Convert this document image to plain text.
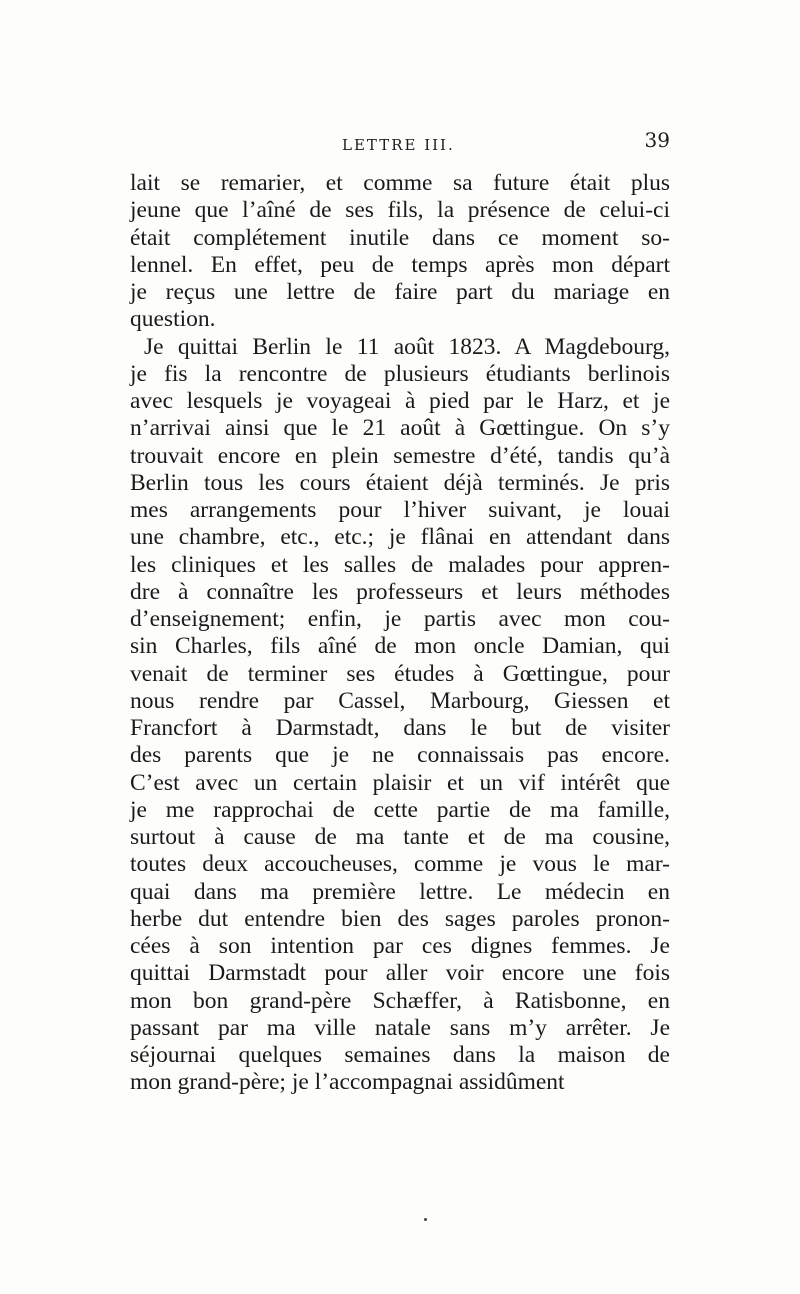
LETTRE III.	39
lait se remarier, et comme sa future était plus
jeune que l’aîné de ses fils, la présence de celui-ci
était complétement inutile dans ce moment so-
lennel. En effet, peu de temps après mon départ
je reçus une lettre de faire part du mariage en
question.
Je quittai Berlin le 11 août 1823. A Magdebourg,
je fis la rencontre de plusieurs étudiants berlinois
avec lesquels je voyageai à pied par le Harz, et je
n’arrivai ainsi que le 21 août à Gœttingue. On s’y
trouvait encore en plein semestre d’été, tandis qu’à
Berlin tous les cours étaient déjà terminés. Je pris
mes arrangements pour l’hiver suivant, je louai
une chambre, etc., etc.; je flânai en attendant dans
les cliniques et les salles de malades pour appren-
dre à connaître les professeurs et leurs méthodes
d’enseignement; enfin, je partis avec mon cou-
sin Charles, fils aîné de mon oncle Damian, qui
venait de terminer ses études à Gœttingue, pour
nous rendre par Cassel, Marbourg, Giessen et
Francfort à Darmstadt, dans le but de visiter
des parents que je ne connaissais pas encore.
C’est avec un certain plaisir et un vif intérêt que
je me rapprochai de cette partie de ma famille,
surtout à cause de ma tante et de ma cousine,
toutes deux accoucheuses, comme je vous le mar-
quai dans ma première lettre. Le médecin en
herbe dut entendre bien des sages paroles pronon-
cées à son intention par ces dignes femmes. Je
quittai Darmstadt pour aller voir encore une fois
mon bon grand-père Schæffer, à Ratisbonne, en
passant par ma ville natale sans m’y arrêter. Je
séjournai quelques semaines dans la maison de
mon grand-père; je l’accompagnai assidûment
